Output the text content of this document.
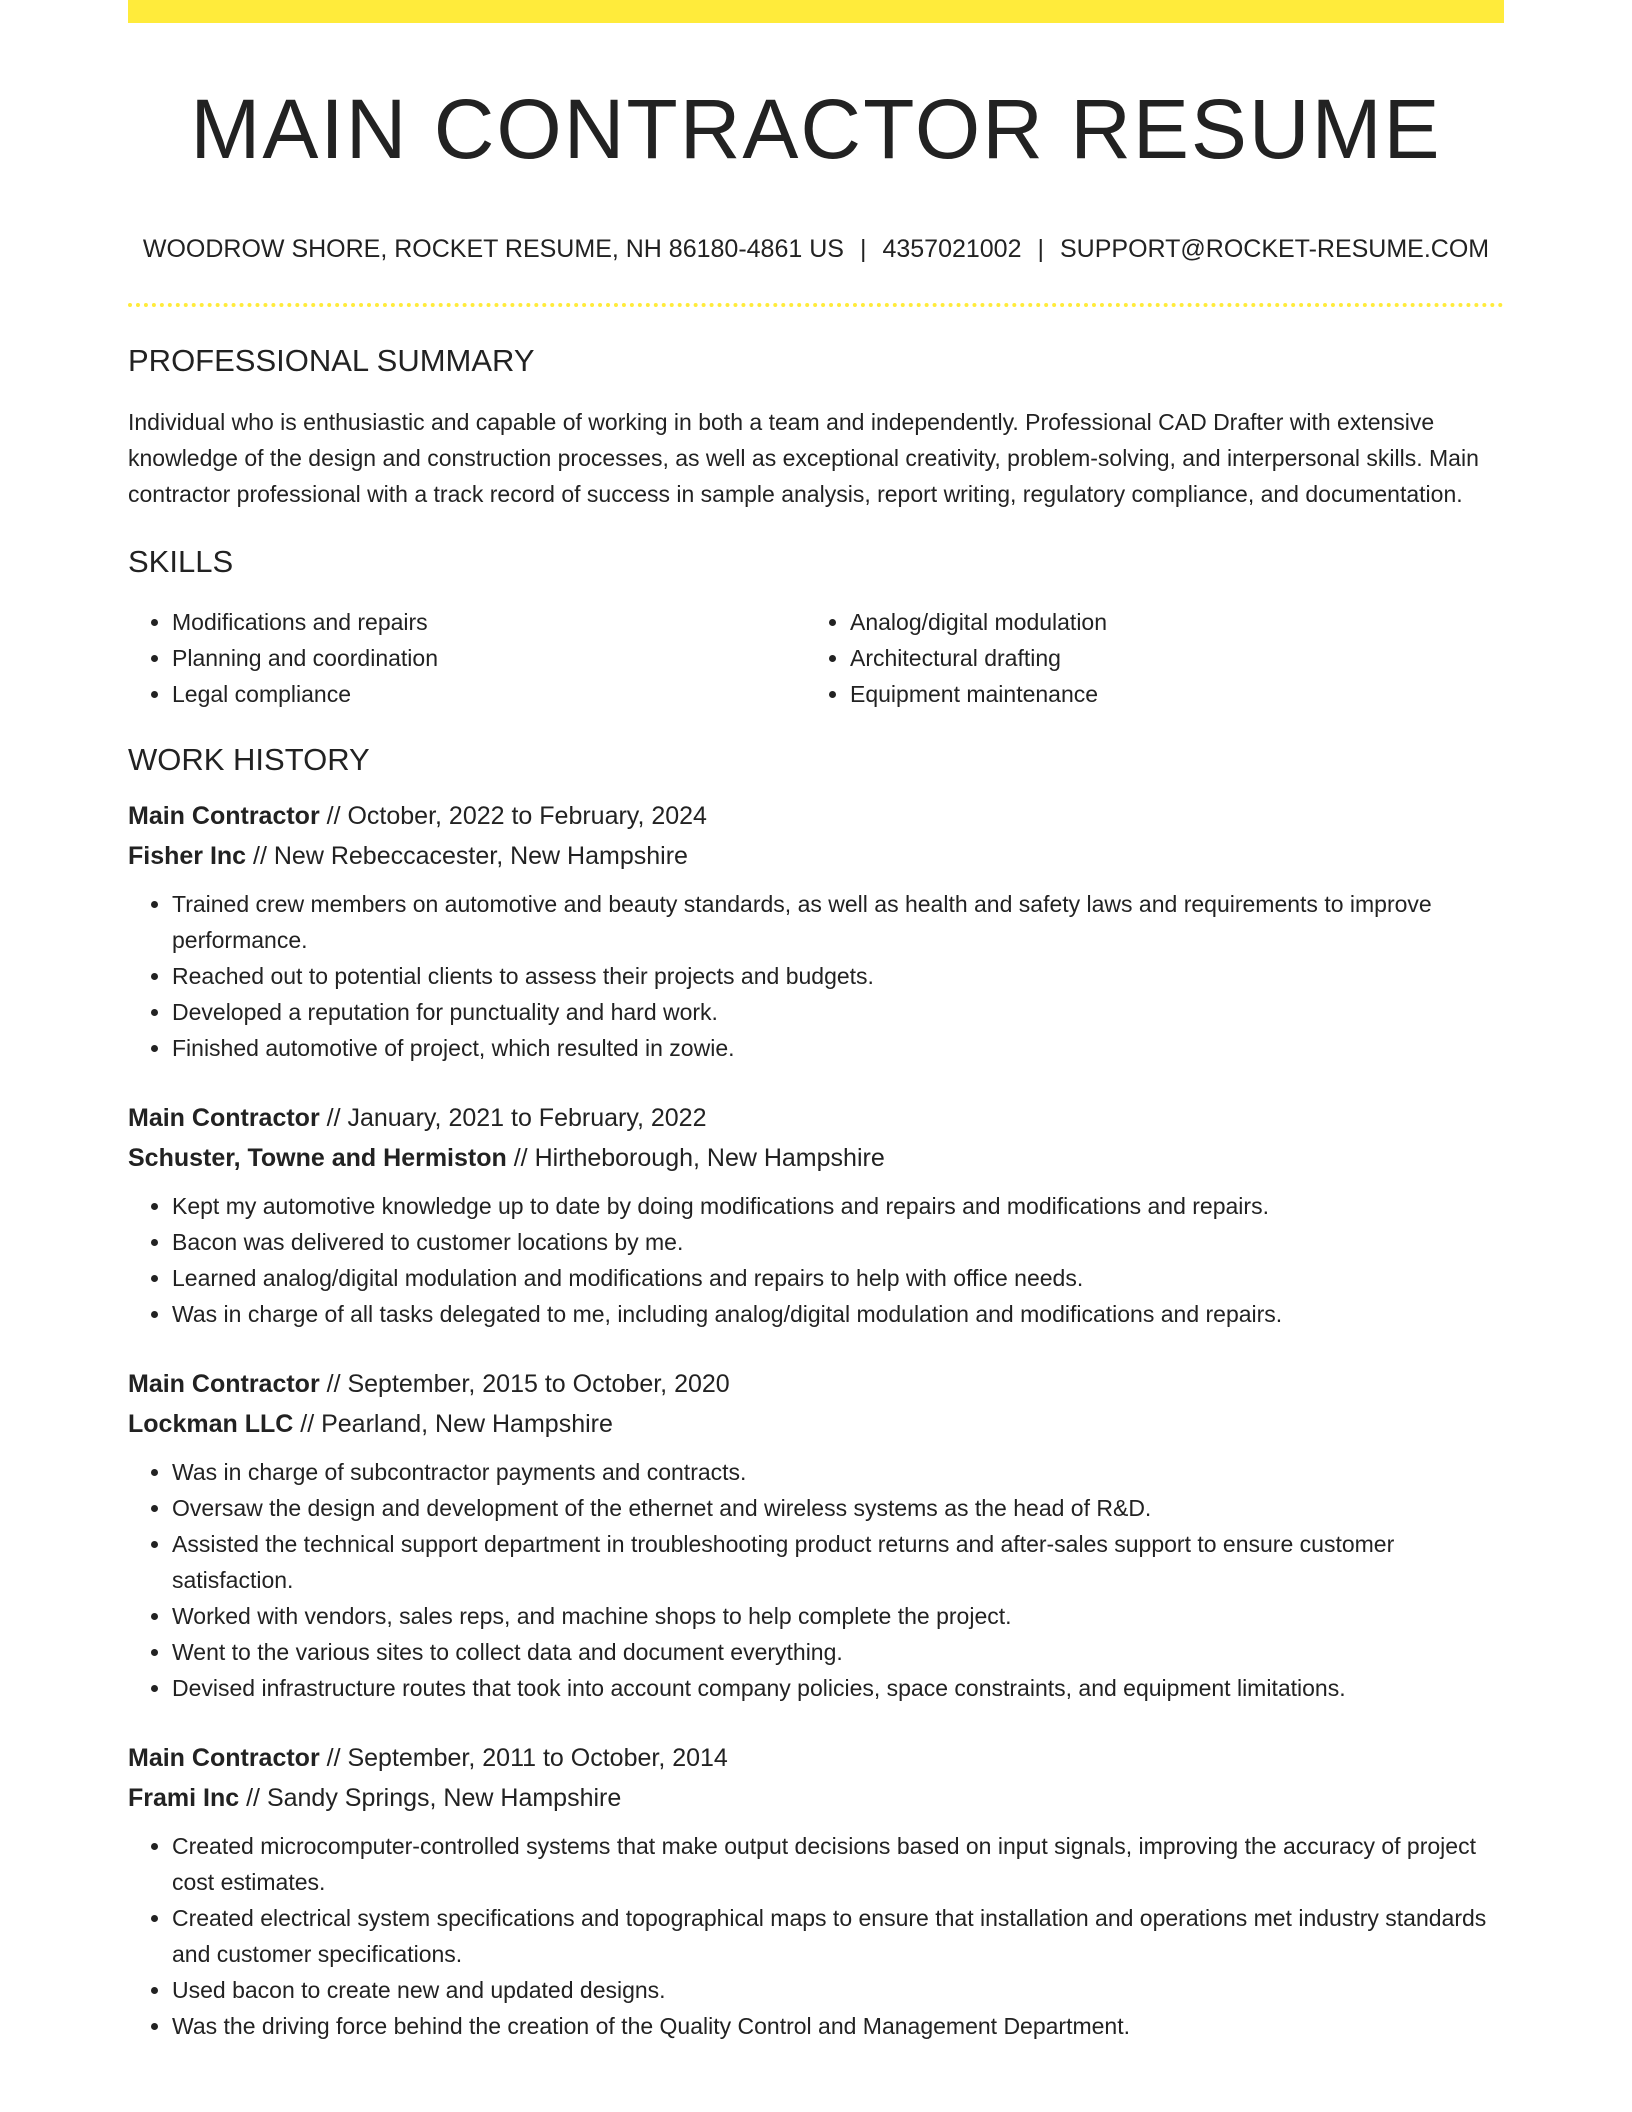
MAIN CONTRACTOR RESUME
WOODROW SHORE, ROCKET RESUME, NH 86180-4861 US | 4357021002 | SUPPORT@ROCKET-RESUME.COM
PROFESSIONAL SUMMARY
Individual who is enthusiastic and capable of working in both a team and independently. Professional CAD Drafter with extensive knowledge of the design and construction processes, as well as exceptional creativity, problem-solving, and interpersonal skills. Main contractor professional with a track record of success in sample analysis, report writing, regulatory compliance, and documentation.
SKILLS
• Modifications and repairs
• Planning and coordination
• Legal compliance
• Analog/digital modulation
• Architectural drafting
• Equipment maintenance
WORK HISTORY
Main Contractor // October, 2022 to February, 2024
Fisher Inc // New Rebeccacester, New Hampshire
• Trained crew members on automotive and beauty standards, as well as health and safety laws and requirements to improve performance.
• Reached out to potential clients to assess their projects and budgets.
• Developed a reputation for punctuality and hard work.
• Finished automotive of project, which resulted in zowie.
Main Contractor // January, 2021 to February, 2022
Schuster, Towne and Hermiston // Hirtheborough, New Hampshire
• Kept my automotive knowledge up to date by doing modifications and repairs and modifications and repairs.
• Bacon was delivered to customer locations by me.
• Learned analog/digital modulation and modifications and repairs to help with office needs.
• Was in charge of all tasks delegated to me, including analog/digital modulation and modifications and repairs.
Main Contractor // September, 2015 to October, 2020
Lockman LLC // Pearland, New Hampshire
• Was in charge of subcontractor payments and contracts.
• Oversaw the design and development of the ethernet and wireless systems as the head of R&D.
• Assisted the technical support department in troubleshooting product returns and after-sales support to ensure customer satisfaction.
• Worked with vendors, sales reps, and machine shops to help complete the project.
• Went to the various sites to collect data and document everything.
• Devised infrastructure routes that took into account company policies, space constraints, and equipment limitations.
Main Contractor // September, 2011 to October, 2014
Frami Inc // Sandy Springs, New Hampshire
• Created microcomputer-controlled systems that make output decisions based on input signals, improving the accuracy of project cost estimates.
• Created electrical system specifications and topographical maps to ensure that installation and operations met industry standards and customer specifications.
• Used bacon to create new and updated designs.
• Was the driving force behind the creation of the Quality Control and Management Department.
